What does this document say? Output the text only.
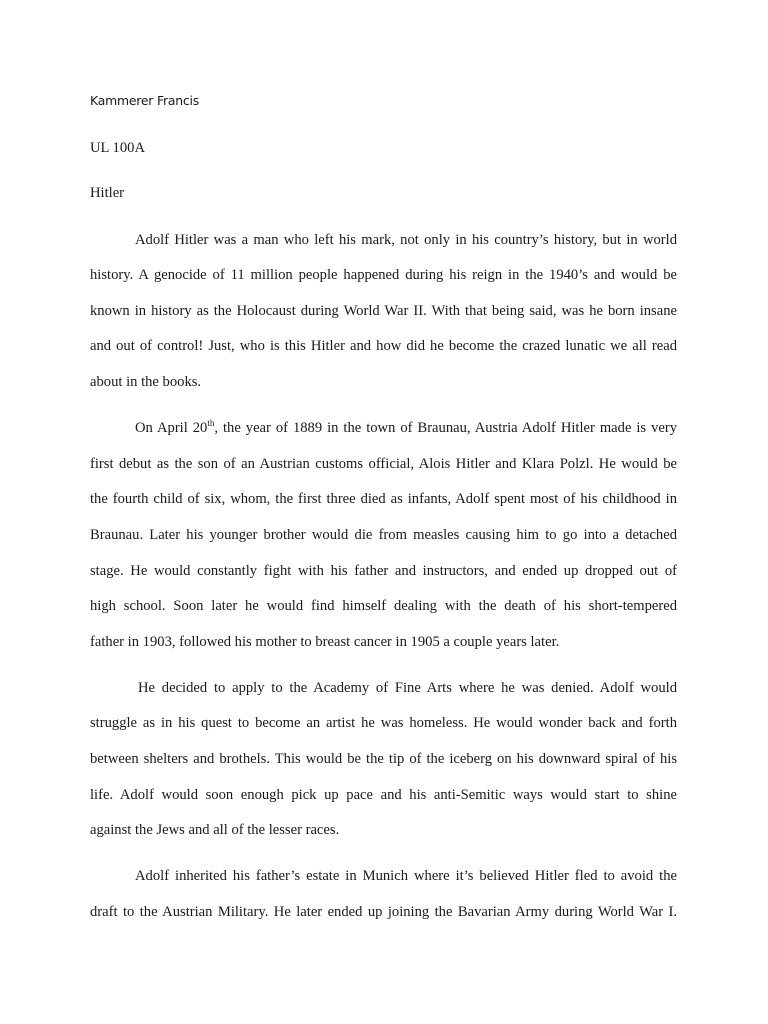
Kammerer Francis
UL 100A
Hitler
Adolf Hitler was a man who left his mark, not only in his country’s history, but in world
history. A genocide of 11 million people happened during his reign in the 1940’s and would be
known in history as the Holocaust during World War II. With that being said, was he born insane
and out of control! Just, who is this Hitler and how did he become the crazed lunatic we all read
about in the books.
On April 20th, the year of 1889 in the town of Braunau, Austria Adolf Hitler made is very
first debut as the son of an Austrian customs official, Alois Hitler and Klara Polzl. He would be
the fourth child of six, whom, the first three died as infants, Adolf spent most of his childhood in
Braunau. Later his younger brother would die from measles causing him to go into a detached
stage. He would constantly fight with his father and instructors, and ended up dropped out of
high school. Soon later he would find himself dealing with the death of his short-tempered
father in 1903, followed his mother to breast cancer in 1905 a couple years later.
He decided to apply to the Academy of Fine Arts where he was denied. Adolf would
struggle as in his quest to become an artist he was homeless. He would wonder back and forth
between shelters and brothels. This would be the tip of the iceberg on his downward spiral of his
life. Adolf would soon enough pick up pace and his anti-Semitic ways would start to shine
against the Jews and all of the lesser races.
Adolf inherited his father’s estate in Munich where it’s believed Hitler fled to avoid the
draft to the Austrian Military. He later ended up joining the Bavarian Army during World War I.
